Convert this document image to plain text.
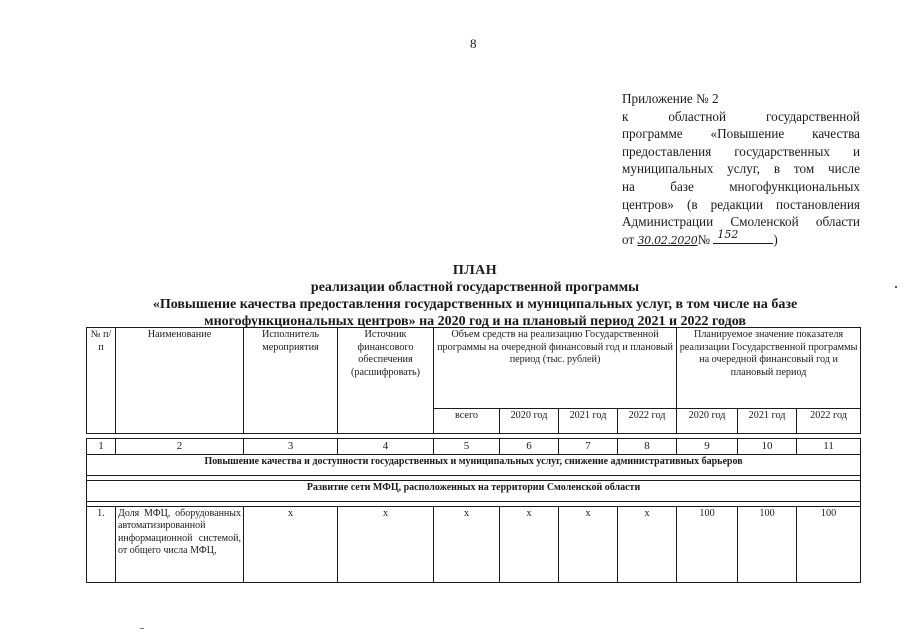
8
Приложение № 2
к областной государственной
программе «Повышение качества
предоставления государственных и
муниципальных услуг, в том числе
на базе многофункциональных
центров» (в редакции постановления
Администрации Смоленской области
от 30.02.2020№ 152	)
ПЛАН
реализации областной государственной программы
«Повышение качества предоставления государственных и муниципальных услуг, в том числе на базе
многофункциональных центров» на 2020 год и на плановый период 2021 и 2022 годов
№ п/п	Наименование	Исполнитель мероприятия	Источник финансового обеспечения (расшифровать)	Объем средств на реализацию Государственной программы на очередной финансовый год и плановый период (тыс. рублей)				Планируемое значение показателя реализации Государственной программы на очередной финансовый год и плановый период		
				всего	2020 год	2021 год	2022 год	2020 год	2021 год	2022 год

1	2	3	4	5	6	7	8	9	10	11
Повышение качества и доступности государственных и муниципальных услуг, снижение административных барьеров										

Развитие сети МФЦ, расположенных на территории Смоленской области										

1.	Доля МФЦ, оборудованных автоматизированной информационной системой, от общего числа МФЦ,	x	x	x	x	x	x	100	100	100
